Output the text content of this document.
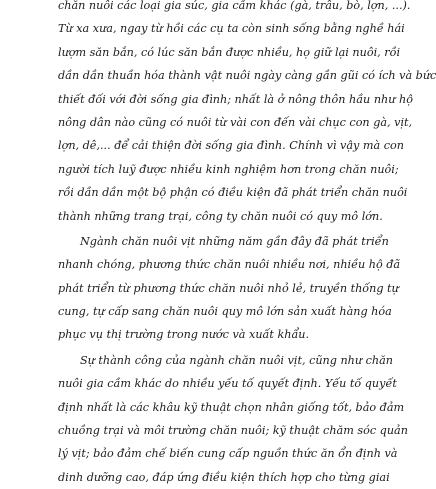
chăn nuôi các loại gia súc, gia cầm khác (gà, trâu, bò, lợn, ...).
Từ xa xưa, ngay từ hồi các cụ ta còn sinh sống bằng nghề hái
lượm săn bắn, có lúc săn bắn được nhiều, họ giữ lại nuôi, rồi
dần dần thuần hóa thành vật nuôi ngày càng gần gũi có ích và bức
thiết đối với đời sống gia đình; nhất là ở nông thôn hầu như hộ
nông dân nào cũng có nuôi từ vài con đến vài chục con gà, vịt,
lợn, dê,... để cải thiện đời sống gia đình. Chính vì vậy mà con
người tích luỹ được nhiều kinh nghiệm hơn trong chăn nuôi;
rồi dần dần một bộ phận có điều kiện đã phát triển chăn nuôi
thành những trang trại, công ty chăn nuôi có quy mô lớn.
Ngành chăn nuôi vịt những năm gần đây đã phát triển
nhanh chóng, phương thức chăn nuôi nhiều nơi, nhiều hộ đã
phát triển từ phương thức chăn nuôi nhỏ lẻ, truyền thống tự
cung, tự cấp sang chăn nuôi quy mô lớn sản xuất hàng hóa
phục vụ thị trường trong nước và xuất khẩu.
Sự thành công của ngành chăn nuôi vịt, cũng như chăn
nuôi gia cầm khác do nhiều yếu tố quyết định. Yếu tố quyết
định nhất là các khâu kỹ thuật chọn nhân giống tốt, bảo đảm
chuồng trại và môi trường chăn nuôi; kỹ thuật chăm sóc quản
lý vịt; bảo đảm chế biến cung cấp nguồn thức ăn ổn định và
dinh dưỡng cao, đáp ứng điều kiện thích hợp cho từng giai
